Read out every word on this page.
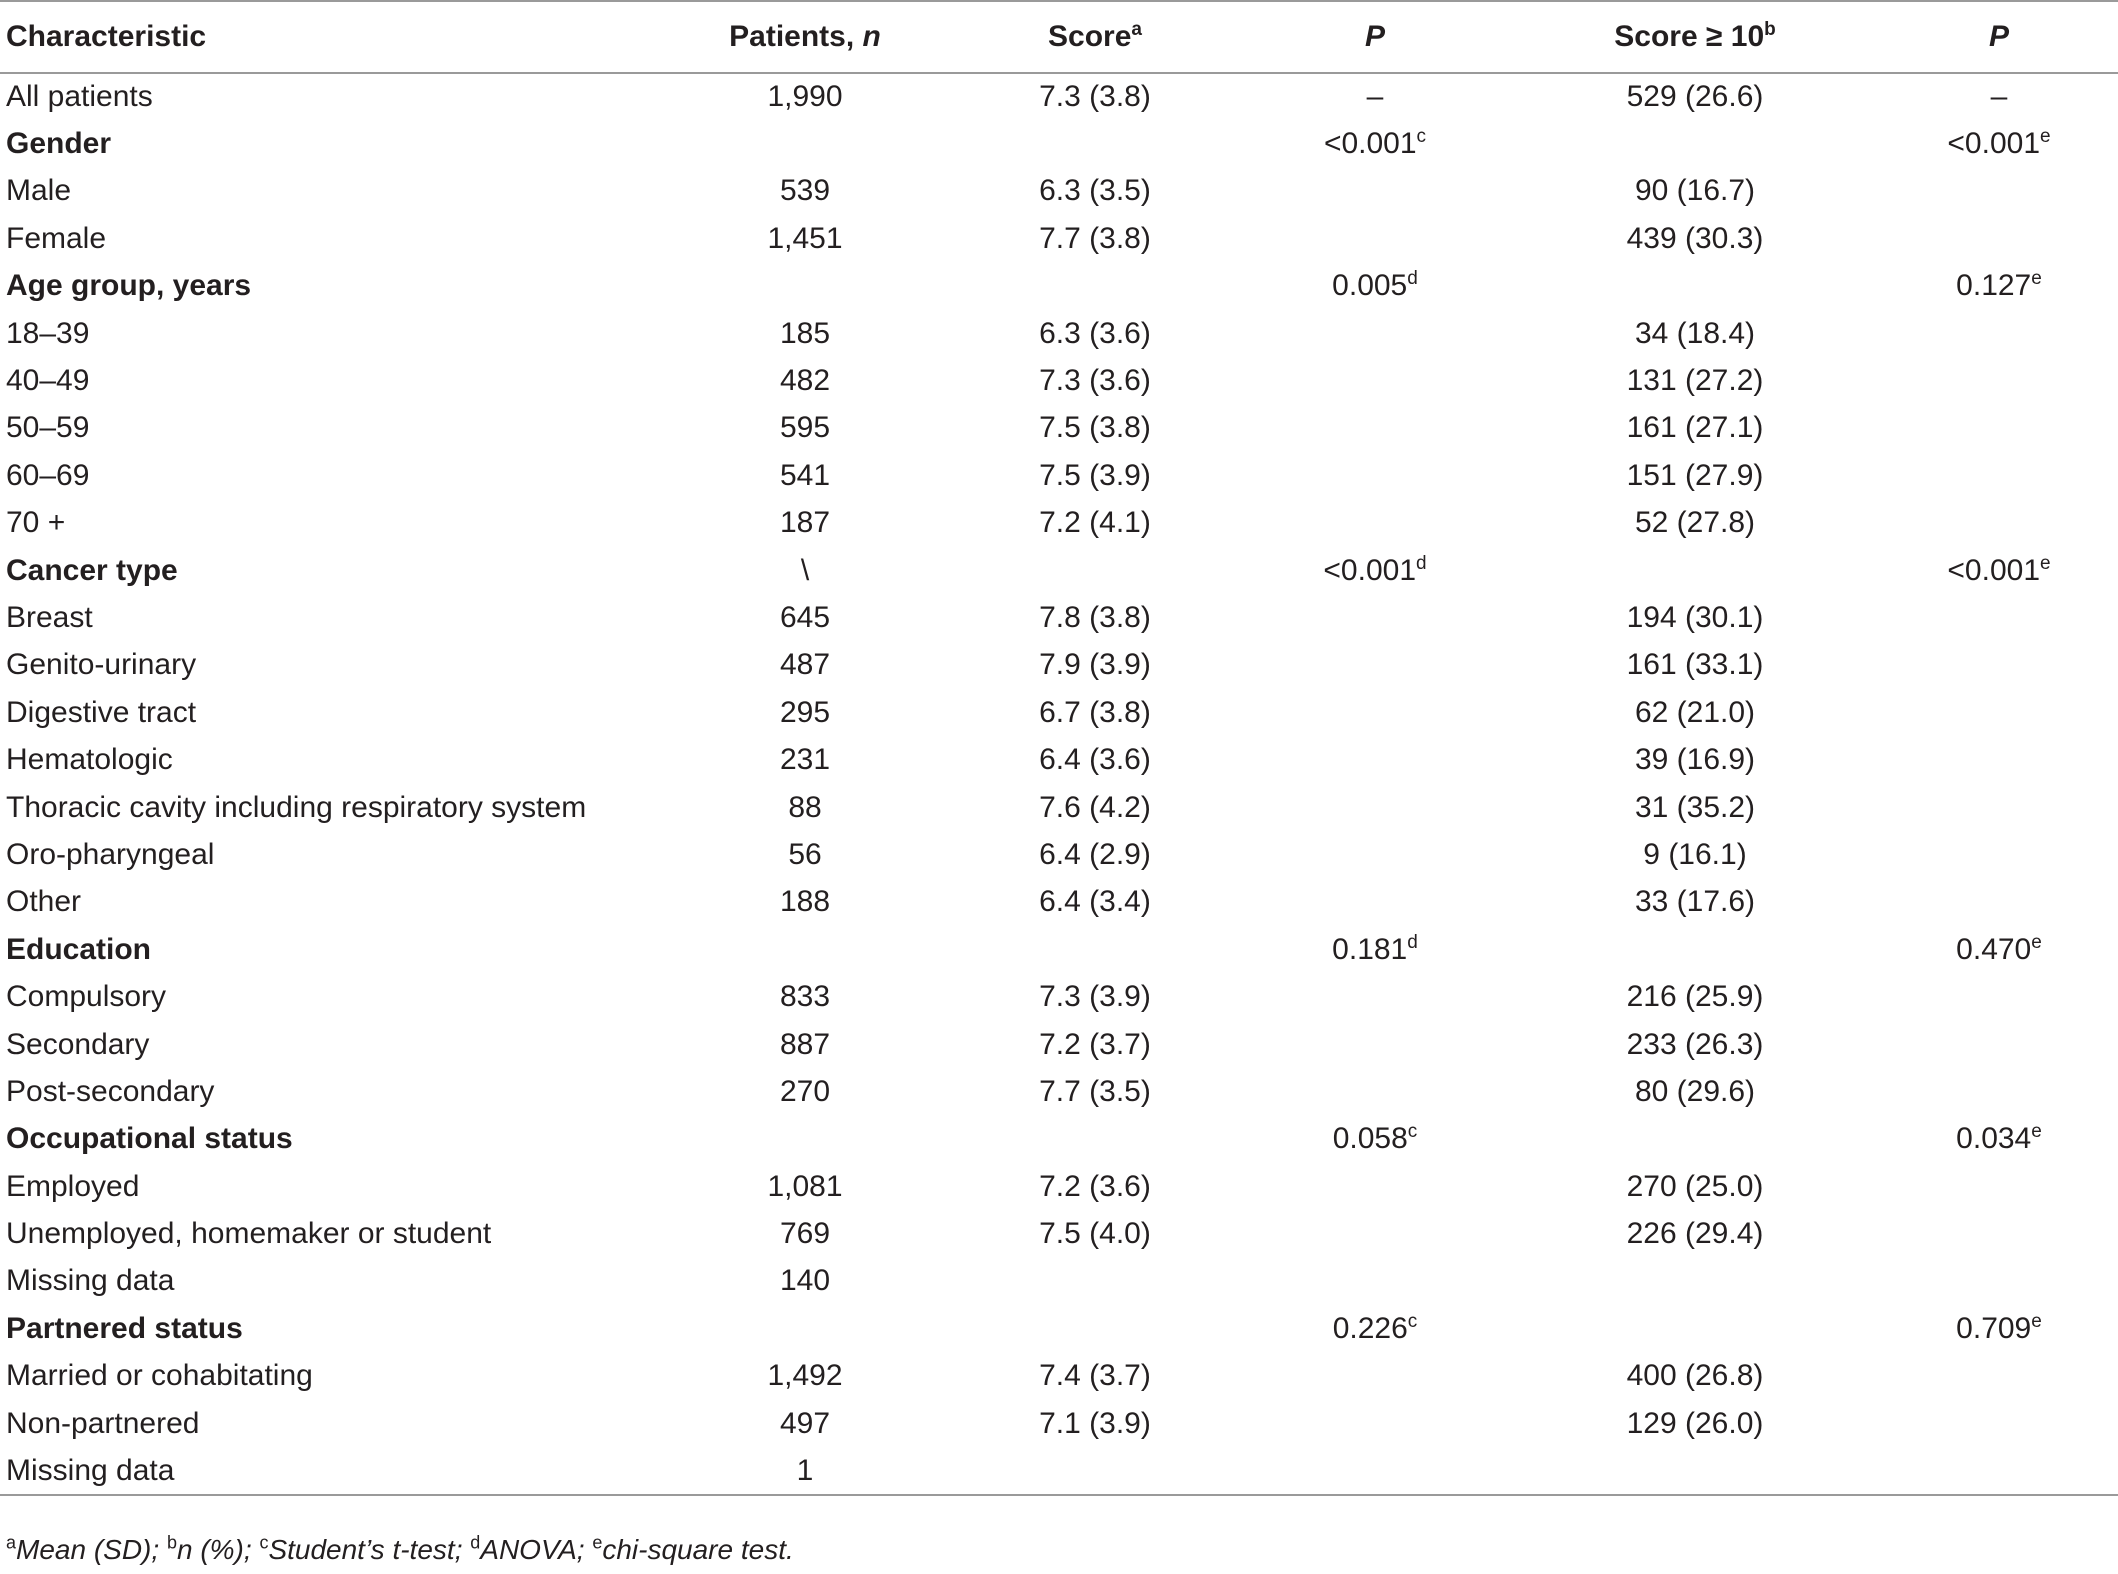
Characteristic	Patients, n	Score$^a$	P	Score ≥ $10^b$	P
All patients	1,990	7.3 (3.8)	–	529 (26.6)	–
Gender			<0.001$^c$		<0.001$^e$
Male	539	6.3 (3.5)		90 (16.7)	
Female	1,451	7.7 (3.8)		439 (30.3)	
Age group, years			0.005$^d$		0.127e
18–39	185	6.3 (3.6)		34 (18.4)	
40–49	482	7.3 (3.6)		131 (27.2)	
50–59	595	7.5 (3.8)		161 (27.1)	
60–69	541	7.5 (3.9)		151 (27.9)	
70 +	187	7.2 (4.1)		52 (27.8)	
Cancer type	\		<0.001$^d$		<0.001$^e$
Breast	645	7.8 (3.8)		194 (30.1)	
Genito-urinary	487	7.9 (3.9)		161 (33.1)	
Digestive tract	295	6.7 (3.8)		62 (21.0)	
Hematologic	231	6.4 (3.6)		39 (16.9)	
Thoracic cavity including respiratory system	88	7.6 (4.2)		31 (35.2)	
Oro-pharyngeal	56	6.4 (2.9)		9 (16.1)	
Other	188	6.4 (3.4)		33 (17.6)	
Education			0.181$^d$		0.470e
Compulsory	833	7.3 (3.9)		216 (25.9)	
Secondary	887	7.2 (3.7)		233 (26.3)	
Post-secondary	270	7.7 (3.5)		80 (29.6)	
Occupational status			0.058$^c$		0.034e
Employed	1,081	7.2 (3.6)		270 (25.0)	
Unemployed, homemaker or student	769	7.5 (4.0)		226 (29.4)	
Missing data	140				
Partnered status			0.226$^c$		0.709e
Married or cohabitating	1,492	7.4 (3.7)		400 (26.8)	
Non-partnered	497	7.1 (3.9)		129 (26.0)	
Missing data	1				
$^a$Mean (SD); $^b$n (%); $^c$Student’s t-test; $^d$ANOVA; $^e$chi-square test.
